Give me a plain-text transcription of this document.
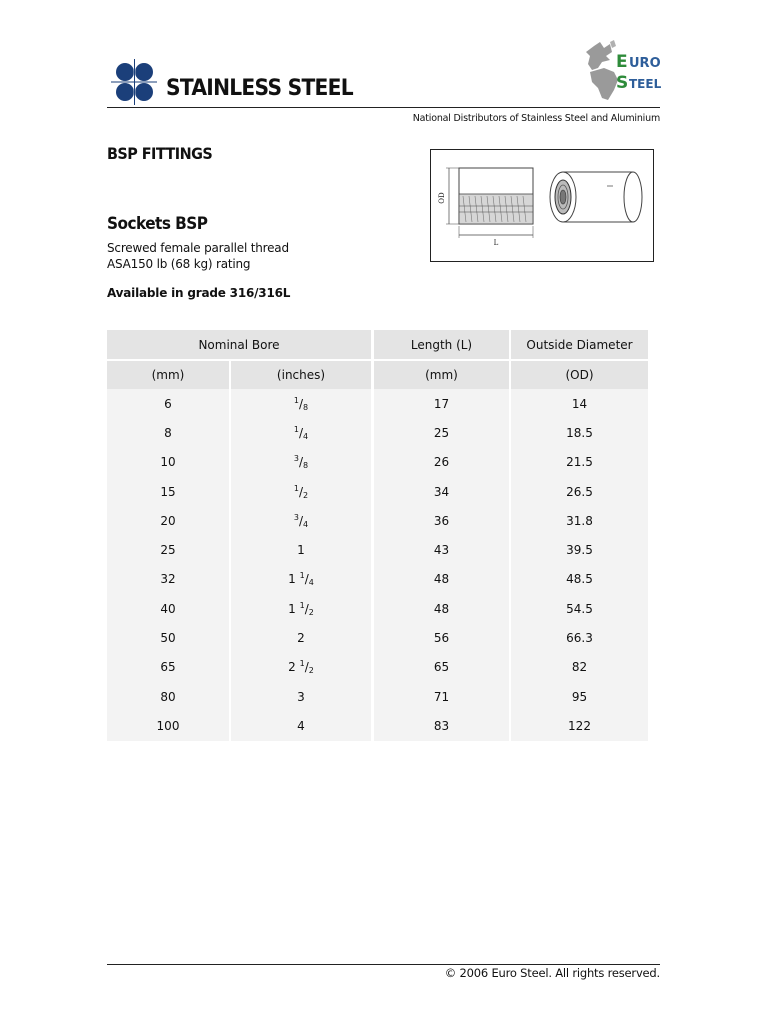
STAINLESS STEEL
E URO
S TEEL
National Distributors of Stainless Steel and Aluminium
BSP FITTINGS
Sockets BSP
Screwed female parallel thread
ASA150 lb (68 kg) rating
Available in grade 316/316L
OD
L
Nominal Bore		Length (L)	Outside Diameter
(mm)	(inches)	(mm)	(OD)
6	$^1/_8$	17	14
8	$^1/_4$	25	18.5
10	$^3/_8$	26	21.5
15	$^1/_2$	34	26.5
20	$^3/_4$	36	31.8
25	1	43	39.5
32	1 $^1/_4$	48	48.5
40	1 $^1/_2$	48	54.5
50	2	56	66.3
65	2 $^1/_2$	65	82
80	3	71	95
100	4	83	122
© 2006 Euro Steel. All rights reserved.
